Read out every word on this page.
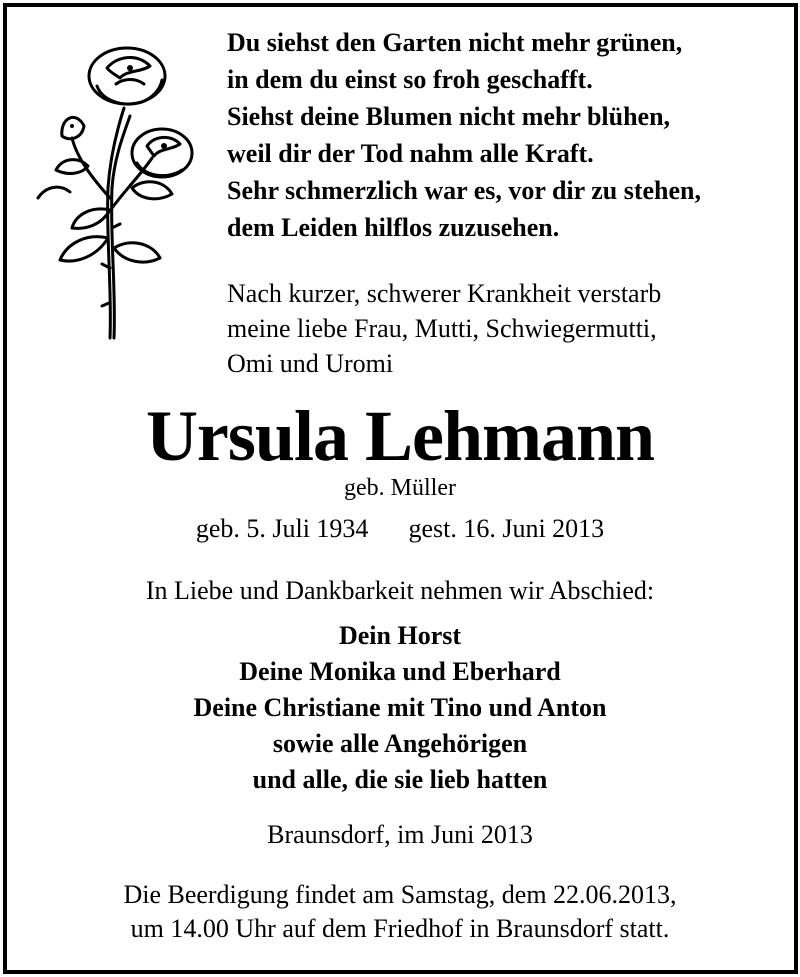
Du siehst den Garten nicht mehr grünen,
in dem du einst so froh geschafft.
Siehst deine Blumen nicht mehr blühen,
weil dir der Tod nahm alle Kraft.
Sehr schmerzlich war es, vor dir zu stehen,
dem Leiden hilflos zuzusehen.
Nach kurzer, schwerer Krankheit verstarb
meine liebe Frau, Mutti, Schwiegermutti,
Omi und Uromi
Ursula Lehmann
geb. Müller
geb. 5. Juli 1934 gest. 16. Juni 2013
In Liebe und Dankbarkeit nehmen wir Abschied:
Dein Horst
Deine Monika und Eberhard
Deine Christiane mit Tino und Anton
sowie alle Angehörigen
und alle, die sie lieb hatten
Braunsdorf, im Juni 2013
Die Beerdigung findet am Samstag, dem 22.06.2013,
um 14.00 Uhr auf dem Friedhof in Braunsdorf statt.
